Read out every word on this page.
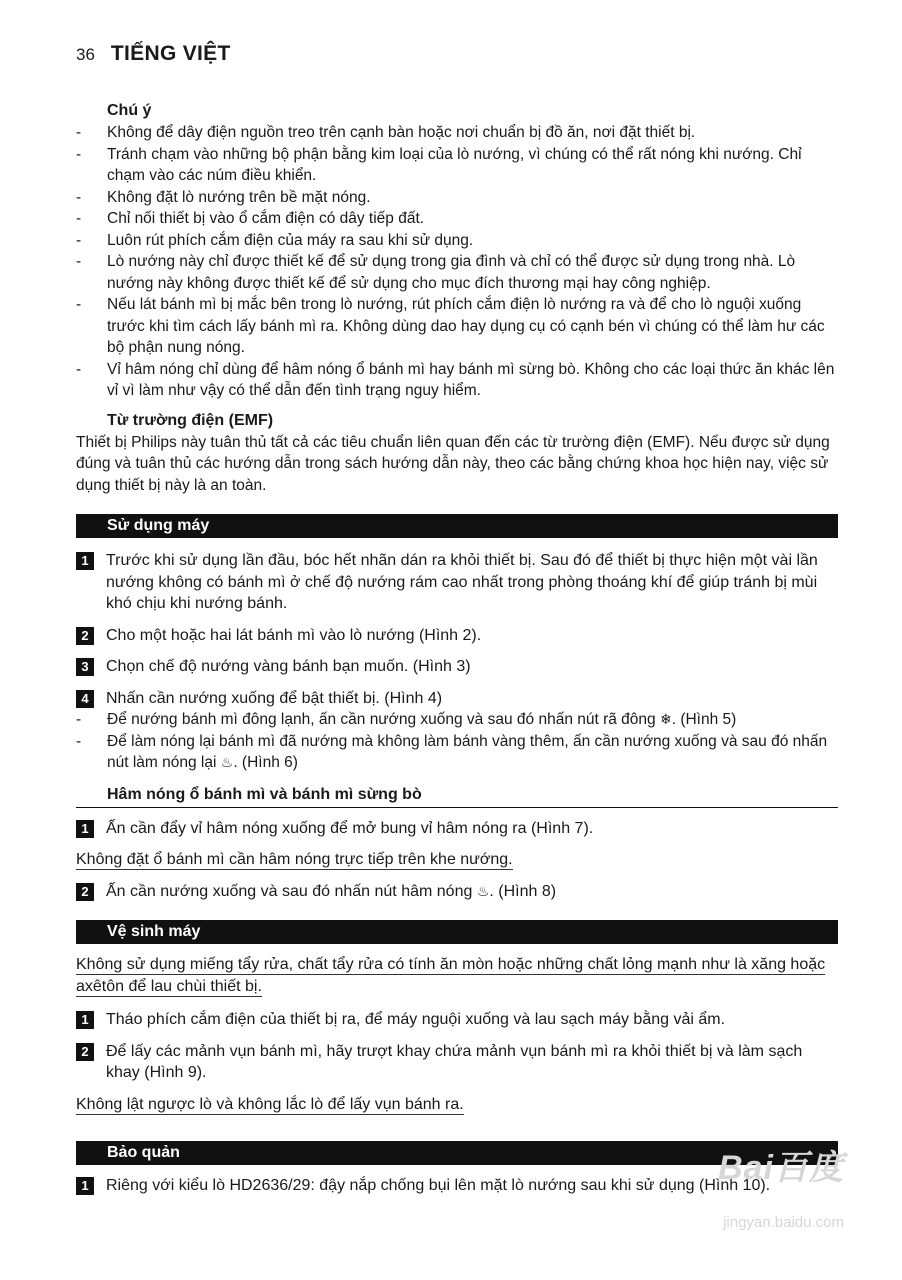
36 TIẾNG VIỆT
Chú ý
- Không để dây điện nguồn treo trên cạnh bàn hoặc nơi chuẩn bị đồ ăn, nơi đặt thiết bị.
- Tránh chạm vào những bộ phận bằng kim loại của lò nướng, vì chúng có thể rất nóng khi nướng. Chỉ chạm vào các núm điều khiển.
- Không đặt lò nướng trên bề mặt nóng.
- Chỉ nối thiết bị vào ổ cắm điện có dây tiếp đất.
- Luôn rút phích cắm điện của máy ra sau khi sử dụng.
- Lò nướng này chỉ được thiết kế để sử dụng trong gia đình và chỉ có thể được sử dụng trong nhà. Lò nướng này không được thiết kế để sử dụng cho mục đích thương mại hay công nghiệp.
- Nếu lát bánh mì bị mắc bên trong lò nướng, rút phích cắm điện lò nướng ra và để cho lò nguội xuống trước khi tìm cách lấy bánh mì ra. Không dùng dao hay dụng cụ có cạnh bén vì chúng có thể làm hư các bộ phận nung nóng.
- Vỉ hâm nóng chỉ dùng để hâm nóng ổ bánh mì hay bánh mì sừng bò. Không cho các loại thức ăn khác lên vỉ vì làm như vậy có thể dẫn đến tình trạng nguy hiểm.
Từ trường điện (EMF)

Thiết bị Philips này tuân thủ tất cả các tiêu chuẩn liên quan đến các từ trường điện (EMF). Nếu được sử dụng đúng và tuân thủ các hướng dẫn trong sách hướng dẫn này, theo các bằng chứng khoa học hiện nay, việc sử dụng thiết bị này là an toàn.

Sử dụng máy
1	Trước khi sử dụng lần đầu, bóc hết nhãn dán ra khỏi thiết bị. Sau đó để thiết bị thực hiện một vài lần nướng không có bánh mì ở chế độ nướng rám cao nhất trong phòng thoáng khí để giúp tránh bị mùi khó chịu khi nướng bánh.
2	Cho một hoặc hai lát bánh mì vào lò nướng (Hình 2).
3	Chọn chế độ nướng vàng bánh bạn muốn. (Hình 3)
4	Nhấn cần nướng xuống để bật thiết bị. (Hình 4)
- Để nướng bánh mì đông lạnh, ấn cần nướng xuống và sau đó nhấn nút rã đông ❄. (Hình 5)
- Để làm nóng lại bánh mì đã nướng mà không làm bánh vàng thêm, ấn cần nướng xuống và sau đó nhấn nút làm nóng lại ♨. (Hình 6)
Hâm nóng ổ bánh mì và bánh mì sừng bò
1	Ấn cần đẩy vỉ hâm nóng xuống để mở bung vỉ hâm nóng ra (Hình 7).
Không đặt ổ bánh mì cần hâm nóng trực tiếp trên khe nướng.
2	Ấn cần nướng xuống và sau đó nhấn nút hâm nóng ♨. (Hình 8)
Vệ sinh máy
Không sử dụng miếng tẩy rửa, chất tẩy rửa có tính ăn mòn hoặc những chất lỏng mạnh như là xăng hoặc axêtôn để lau chùi thiết bị.
1	Tháo phích cắm điện của thiết bị ra, để máy nguội xuống và lau sạch máy bằng vải ẩm.
2	Để lấy các mảnh vụn bánh mì, hãy trượt khay chứa mảnh vụn bánh mì ra khỏi thiết bị và làm sạch khay (Hình 9).
Không lật ngược lò và không lắc lò để lấy vụn bánh ra.
Bảo quản
1	Riêng với kiểu lò HD2636/29: đậy nắp chống bụi lên mặt lò nướng sau khi sử dụng (Hình 10).
Bai百度
jingyan.baidu.com
